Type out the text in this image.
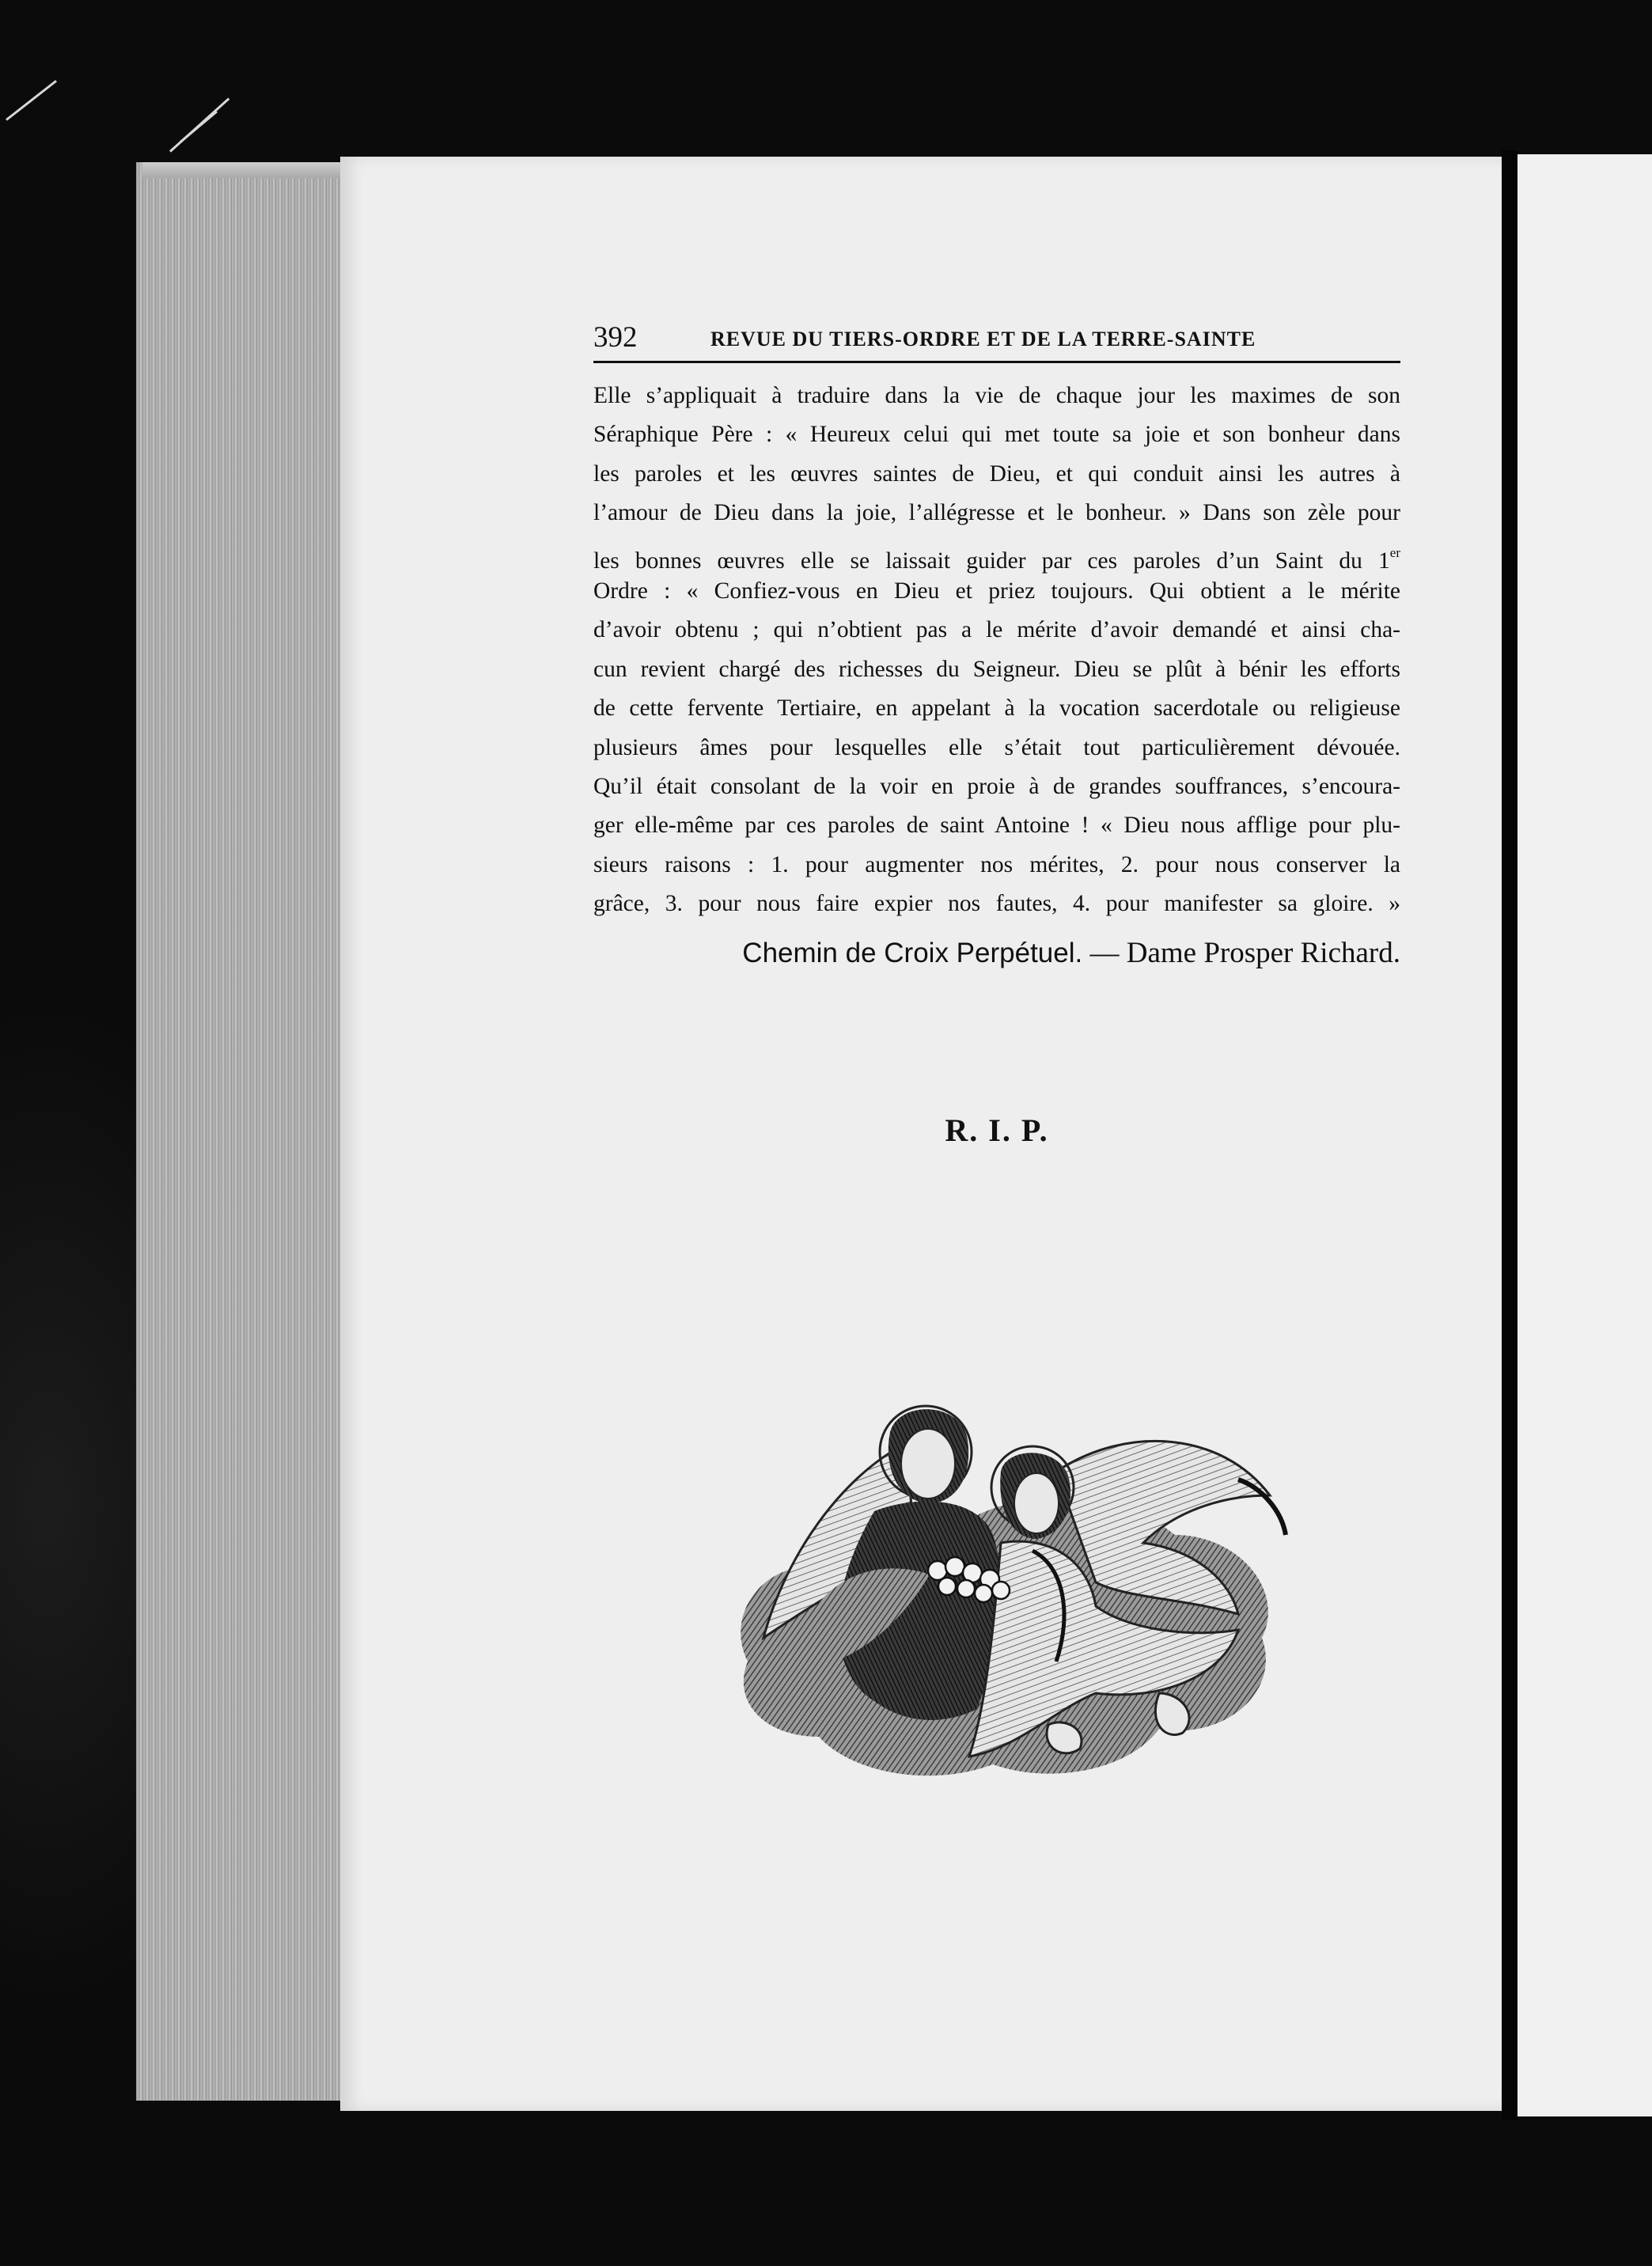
392	REVUE DU TIERS-ORDRE ET DE LA TERRE-SAINTE
Elle s’appliquait à traduire dans la vie de chaque jour les maximes de son
Séraphique Père : « Heureux celui qui met toute sa joie et son bonheur dans
les paroles et les œuvres saintes de Dieu, et qui conduit ainsi les autres à
l’amour de Dieu dans la joie, l’allégresse et le bonheur. » Dans son zèle pour
les bonnes œuvres elle se laissait guider par ces paroles d’un Saint du 1er
Ordre : « Confiez-vous en Dieu et priez toujours. Qui obtient a le mérite
d’avoir obtenu ; qui n’obtient pas a le mérite d’avoir demandé et ainsi cha-
cun revient chargé des richesses du Seigneur. Dieu se plût à bénir les efforts
de cette fervente Tertiaire, en appelant à la vocation sacerdotale ou religieuse
plusieurs âmes pour lesquelles elle s’était tout particulièrement dévouée.
Qu’il était consolant de la voir en proie à de grandes souffrances, s’encoura-
ger elle-même par ces paroles de saint Antoine ! « Dieu nous afflige pour plu-
sieurs raisons : 1. pour augmenter nos mérites, 2. pour nous conserver la
grâce, 3. pour nous faire expier nos fautes, 4. pour manifester sa gloire. »
Chemin de Croix Perpétuel. — Dame Prosper Richard.
R. I. P.
